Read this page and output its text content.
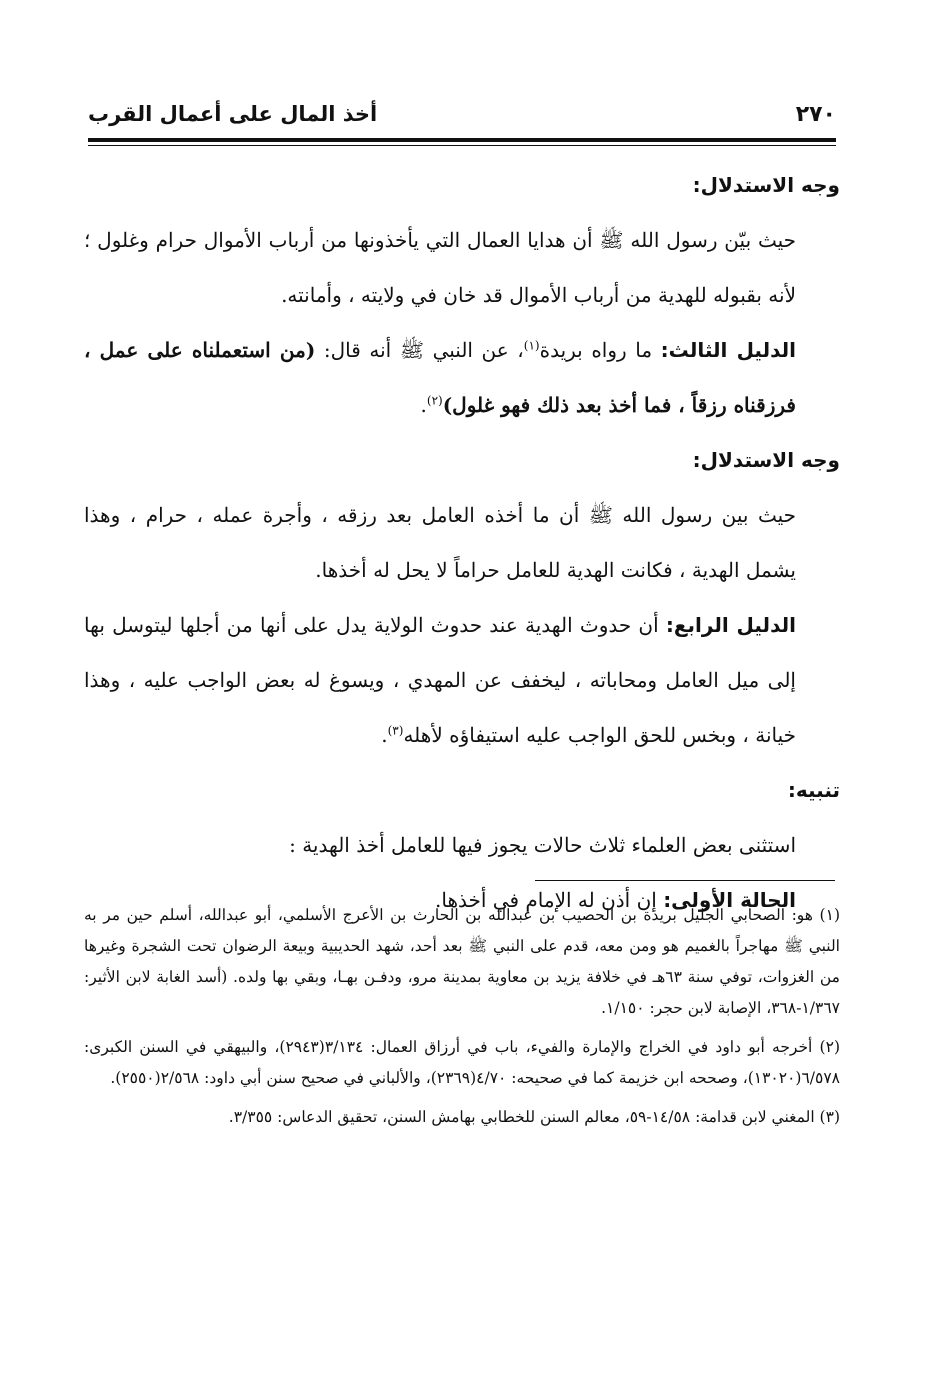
٢٧٠
أخذ المال على أعمال القرب

وجه الاستدلال:

حيث بيّن رسول الله ﷺ أن هدايا العمال التي يأخذونها من أرباب الأموال حرام وغلول ؛ لأنه بقبوله للهدية من أرباب الأموال قد خان في ولايته ، وأمانته.

الدليل الثالث: ما رواه بريدة$^{(١)}$، عن النبي ﷺ أنه قال: (من استعملناه على عمل ، فرزقناه رزقاً ، فما أخذ بعد ذلك فهو غلول)$^{(٢)}$.

وجه الاستدلال:

حيث بين رسول الله ﷺ أن ما أخذه العامل بعد رزقه ، وأجرة عمله ، حرام ، وهذا يشمل الهدية ، فكانت الهدية للعامل حراماً لا يحل له أخذها.

الدليل الرابع: أن حدوث الهدية عند حدوث الولاية يدل على أنها من أجلها ليتوسل بها إلى ميل العامل ومحاباته ، ليخفف عن المهدي ، ويسوغ له بعض الواجب عليه ، وهذا خيانة ، وبخس للحق الواجب عليه استيفاؤه لأهله$^{(٣)}$.

تنبيه:

استثنى بعض العلماء ثلاث حالات يجوز فيها للعامل أخذ الهدية :

الحالة الأولى: إن أذن له الإمام في أخذها.

(١) هو: الصحابي الجليل بريدة بن الحصيب بن عبدالله بن الحارث بن الأعرج الأسلمي، أبو عبدالله، أسلم حين مر به النبي ﷺ مهاجراً بالغميم هو ومن معه، قدم على النبي ﷺ بعد أحد، شهد الحديبية وبيعة الرضوان تحت الشجرة وغيرها من الغزوات، توفي سنة ٦٣هـ في خلافة يزيد بن معاوية بمدينة مرو، ودفـن بهـا، وبقي بها ولده. (أسد الغابة لابن الأثير: ١/٣٦٧-٣٦٨، الإصابة لابن حجر: ١/١٥٠.

(٢) أخرجه أبو داود في الخراج والإمارة والفيء، باب في أرزاق العمال: ٣/١٣٤(٢٩٤٣)، والبيهقي في السنن الكبرى: ٦/٥٧٨(١٣٠٢٠)، وصححه ابن خزيمة كما في صحيحه: ٤/٧٠(٢٣٦٩)، والألباني في صحيح سنن أبي داود: ٢/٥٦٨(٢٥٥٠).

(٣) المغني لابن قدامة: ١٤/٥٨-٥٩، معالم السنن للخطابي بهامش السنن، تحقيق الدعاس: ٣/٣٥٥.
